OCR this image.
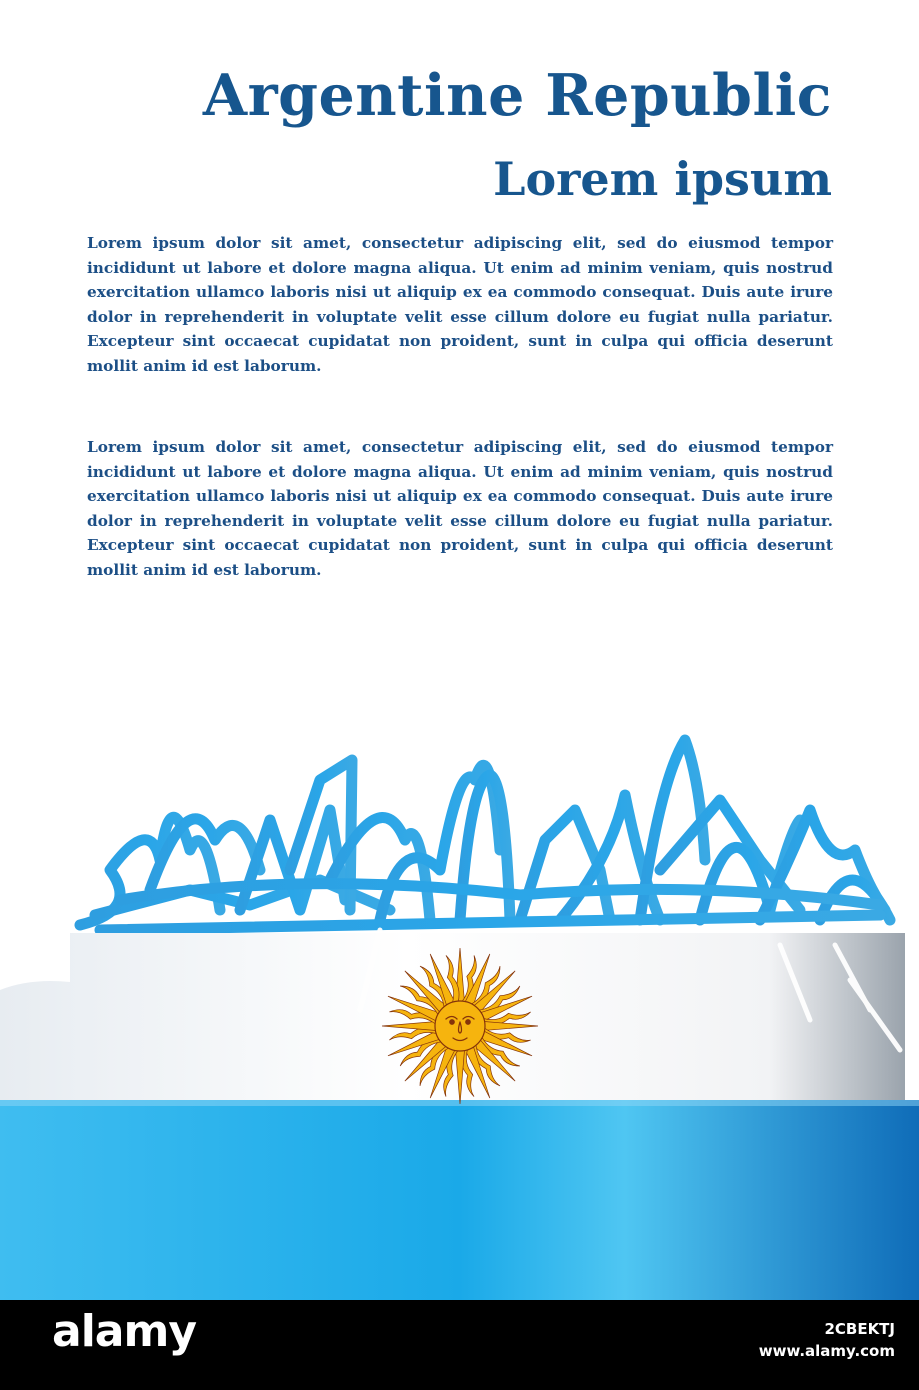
Argentine Republic
Lorem ipsum

Lorem ipsum dolor sit amet, consectetur adipiscing elit, sed do eiusmod tempor incididunt ut labore et dolore magna aliqua. Ut enim ad minim veniam, quis nostrud exercitation ullamco laboris nisi ut aliquip ex ea commodo consequat. Duis aute irure dolor in reprehenderit in voluptate velit esse cillum dolore eu fugiat nulla pariatur. Excepteur sint occaecat cupidatat non proident, sunt in culpa qui officia deserunt mollit anim id est laborum.

Lorem ipsum dolor sit amet, consectetur adipiscing elit, sed do eiusmod tempor incididunt ut labore et dolore magna aliqua. Ut enim ad minim veniam, quis nostrud exercitation ullamco laboris nisi ut aliquip ex ea commodo consequat. Duis aute irure dolor in reprehenderit in voluptate velit esse cillum dolore eu fugiat nulla pariatur. Excepteur sint occaecat cupidatat non proident, sunt in culpa qui officia deserunt mollit anim id est laborum.

alamy	2CBEKTJ
www.alamy.com
